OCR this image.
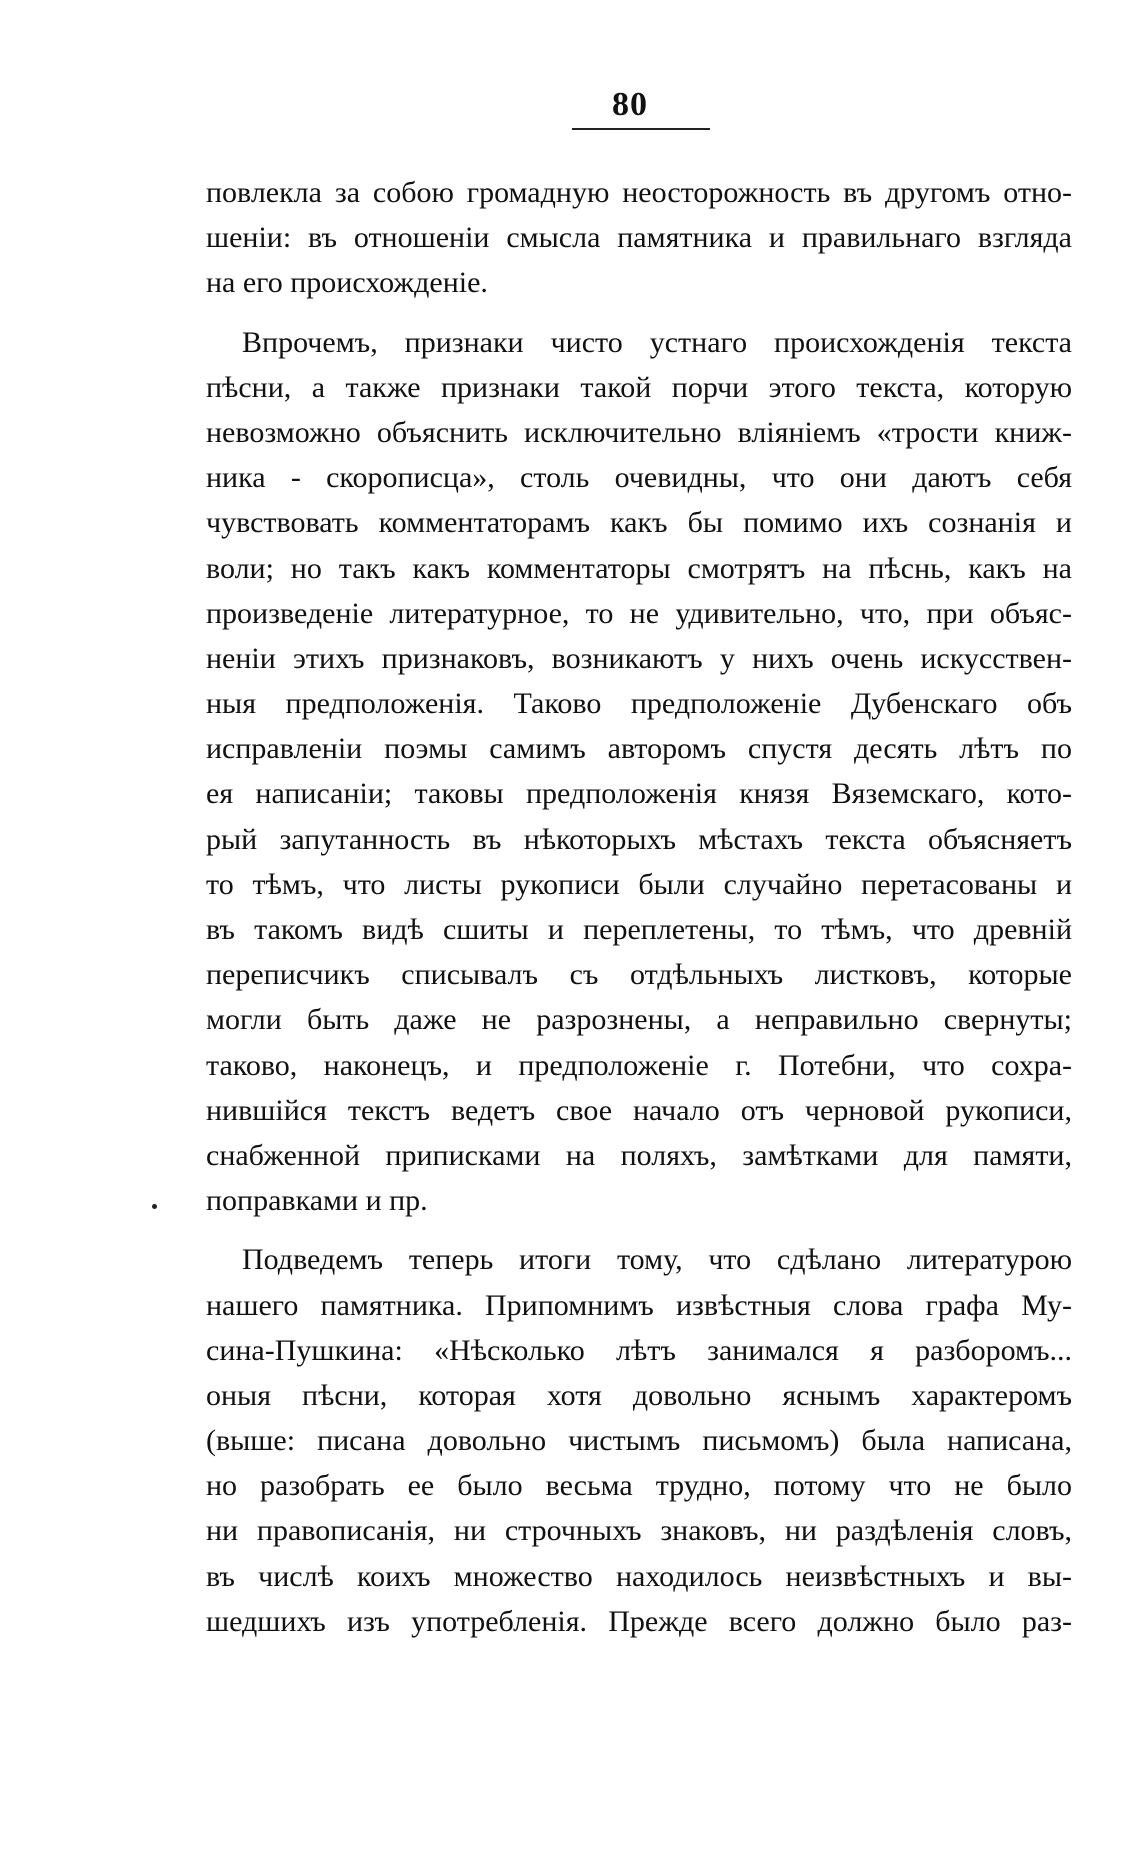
80
повлекла за собою громадную неосторожность въ другомъ отно-
шеніи: въ отношеніи смысла памятника и правильнаго взгляда
на его происхожденіе.
Впрочемъ, признаки чисто устнаго происхожденія текста
пѣсни, а также признаки такой порчи этого текста, которую
невозможно объяснить исключительно вліяніемъ «трости книж-
ника - скорописца», столь очевидны, что они даютъ себя
чувствовать комментаторамъ какъ бы помимо ихъ сознанія и
воли; но такъ какъ комментаторы смотрятъ на пѣснь, какъ на
произведеніе литературное, то не удивительно, что, при объяс-
неніи этихъ признаковъ, возникаютъ у нихъ очень искусствен-
ныя предположенія. Таково предположеніе Дубенскаго объ
исправленіи поэмы самимъ авторомъ спустя десять лѣтъ по
ея написаніи; таковы предположенія князя Вяземскаго, кото-
рый запутанность въ нѣкоторыхъ мѣстахъ текста объясняетъ
то тѣмъ, что листы рукописи были случайно перетасованы и
въ такомъ видѣ сшиты и переплетены, то тѣмъ, что древній
переписчикъ списывалъ съ отдѣльныхъ листковъ, которые
могли быть даже не разрознены, а неправильно свернуты;
таково, наконецъ, и предположеніе г. Потебни, что сохра-
нившійся текстъ ведетъ свое начало отъ черновой рукописи,
снабженной приписками на поляхъ, замѣтками для памяти,
поправками и пр.
Подведемъ теперь итоги тому, что сдѣлано литературою
нашего памятника. Припомнимъ извѣстныя слова графа Му-
сина-Пушкина: «Нѣсколько лѣтъ занимался я разборомъ...
оныя пѣсни, которая хотя довольно яснымъ характеромъ
(выше: писана довольно чистымъ письмомъ) была написана,
но разобрать ее было весьма трудно, потому что не было
ни правописанія, ни строчныхъ знаковъ, ни раздѣленія словъ,
въ числѣ коихъ множество находилось неизвѣстныхъ и вы-
шедшихъ изъ употребленія. Прежде всего должно было раз-
